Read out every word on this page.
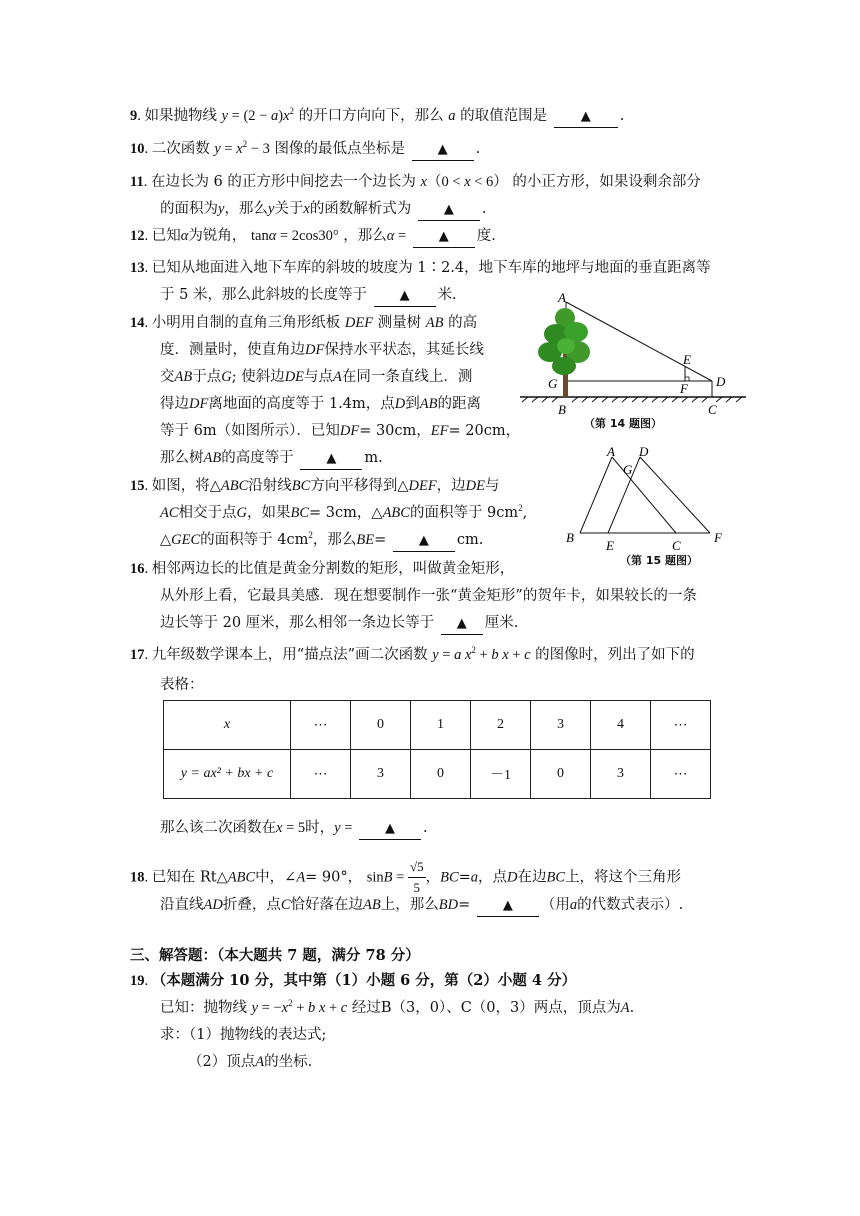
9. 如果抛物线 $y = (2 - a)x^2$ 的开口方向向下，那么 a 的取值范围是	▲ .
10. 二次函数 $y = x^2 - 3$ 图像的最低点坐标是	▲ .
11. 在边长为 6 的正方形中间挖去一个边长为 x（0 < x < 6） 的小正方形，如果设剩余部分
的面积为y，那么y关于x的函数解析式为	▲ .
12. 已知α为锐角， tanα = 2cos30° ，那么α =	▲ 度.
13. 已知从地面进入地下车库的斜坡的坡度为 1∶2.4，地下车库的地坪与地面的垂直距离等
于 5 米，那么此斜坡的长度等于	▲ 米.
14. 小明用自制的直角三角形纸板 DEF 测量树 AB 的高
度．测量时，使直角边DF保持水平状态，其延长线
交AB于点G; 使斜边DE与点A在同一条直线上．测
得边DF离地面的高度等于 1.4m，点D到AB的距离
等于 6m（如图所示）．已知DF= 30cm，EF= 20cm，
那么树AB的高度等于	▲ m.
A
E
D
G	F
B	C
（第 14 题图）
15. 如图，将△ABC沿射线BC方向平移得到△DEF，边DE与
AC相交于点G，如果BC= 3cm，△ABC的面积等于 $9cm^2$,
△GEC的面积等于 $4cm^2$，那么BE=	▲ cm.
A D
G
B
E	C
F
（第 15 题图）
16. 相邻两边长的比值是黄金分割数的矩形，叫做黄金矩形，
从外形上看，它最具美感．现在想要制作一张“黄金矩形”的贺年卡，如果较长的一条
边长等于 20 厘米，那么相邻一条边长等于 ▲ 厘米.
17. 九年级数学课本上，用“描点法”画二次函数 y = a $x^2 + b$ x + c 的图像时，列出了如下的
表格：
x	⋯	0	1	2	3	4	⋯
y = ax² + bx + c	⋯	3	0	－1	0	3	⋯
那么该二次函数在x = 5时，y =	▲ .
18. 已知在 Rt△ABC中，∠A= 90°， $\sin B = \frac{√5}{5}$ ，BC=a，点D在边BC上，将这个三角形
沿直线AD折叠，点C恰好落在边AB上，那么BD=	▲ （用a的代数式表示）.
三、解答题：（本大题共 7 题，满分 78 分）
19. （本题满分 10 分，其中第（1）小题 6 分，第（2）小题 4 分）
已知：抛物线 $y = -x^2 + b$ x + c 经过B（3，0）、C（0，3）两点，顶点为A.
求：（1）抛物线的表达式;
（2）顶点A的坐标.
